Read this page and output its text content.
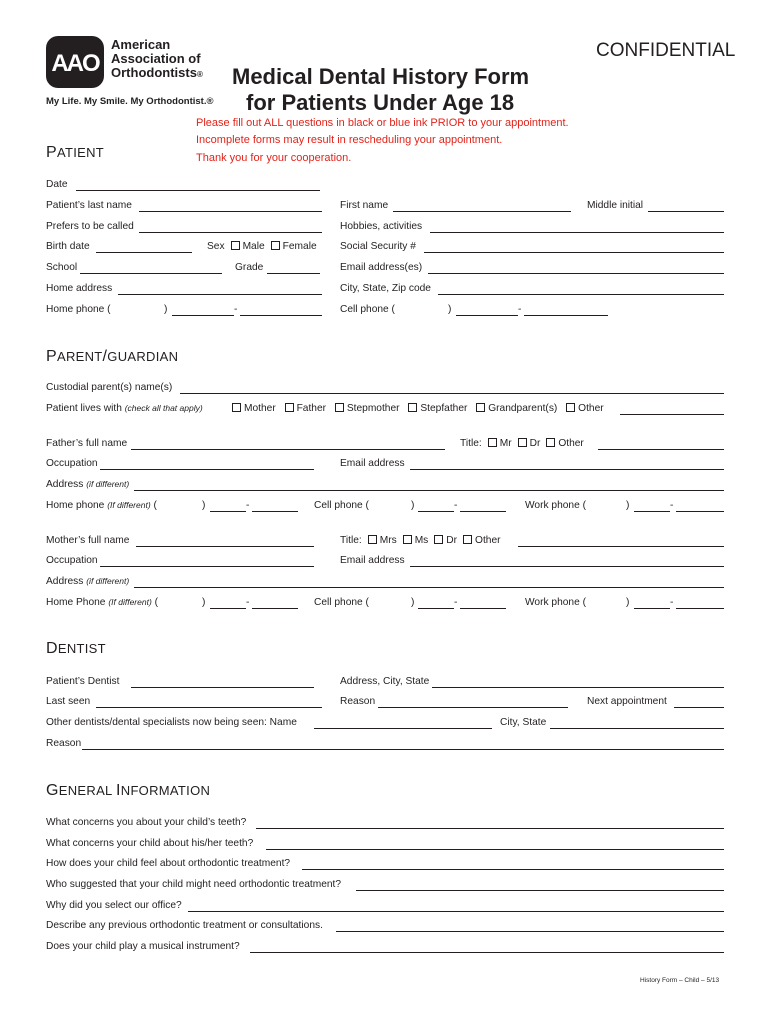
AAO
American
Association of
Orthodontists®
My Life. My Smile. My Orthodontist.®
CONFIDENTIAL
Medical Dental History Form
for Patients Under Age 18
Please fill out ALL questions in black or blue ink PRIOR to your appointment.
Incomplete forms may result in rescheduling your appointment.
Thank you for your cooperation.
PATIENT
Date
Patient’s last name	First name	Middle initial
Prefers to be called	Hobbies, activities
Birth date	Sex Male Female Social Security #
School	Grade	Email address(es)
Home address	City, State, Zip code
Home phone (	)	-	Cell phone (	)	-
PARENT/GUARDIAN
Custodial parent(s) name(s)
Patient lives with (check all that apply)	Mother Father Stepmother Stepfather Grandparent(s) Other
Father’s full name	Title: Mr Dr Other
Occupation	Email address
Address (if different)
Home phone (If different) (	)	-	Cell phone (	)	-	Work phone (	)	-
Mother’s full name	Title: Mrs Ms Dr Other
Occupation	Email address
Address (if different)
Home Phone (If different) (	)	-	Cell phone (	)	-	Work phone (	)	-
DENTIST
Patient’s Dentist	Address, City, State
Last seen	Reason	Next appointment
Other dentists/dental specialists now being seen: Name	City, State
Reason
GENERAL INFORMATION
What concerns you about your child’s teeth?
What concerns your child about his/her teeth?
How does your child feel about orthodontic treatment?
Who suggested that your child might need orthodontic treatment?
Why did you select our office?
Describe any previous orthodontic treatment or consultations.
Does your child play a musical instrument?
History Form – Child – 5/13
